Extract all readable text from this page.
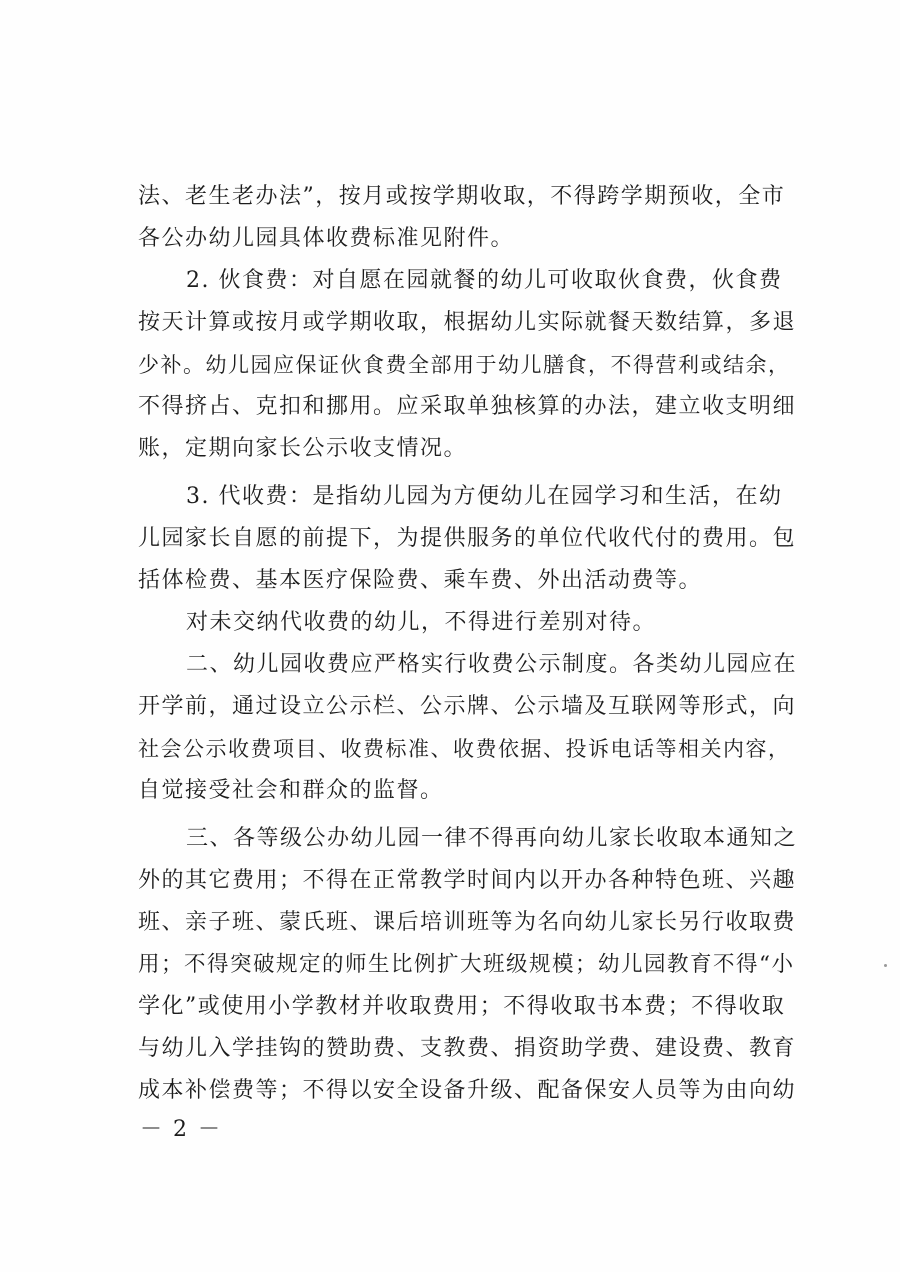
法、老生老办法”，按月或按学期收取，不得跨学期预收，全市
各公办幼儿园具体收费标准见附件。
2. 伙食费：对自愿在园就餐的幼儿可收取伙食费，伙食费
按天计算或按月或学期收取，根据幼儿实际就餐天数结算，多退
少补。幼儿园应保证伙食费全部用于幼儿膳食，不得营利或结余，
不得挤占、克扣和挪用。应采取单独核算的办法，建立收支明细
账，定期向家长公示收支情况。
3. 代收费：是指幼儿园为方便幼儿在园学习和生活，在幼
儿园家长自愿的前提下，为提供服务的单位代收代付的费用。包
括体检费、基本医疗保险费、乘车费、外出活动费等。
对未交纳代收费的幼儿，不得进行差别对待。
二、幼儿园收费应严格实行收费公示制度。各类幼儿园应在
开学前，通过设立公示栏、公示牌、公示墙及互联网等形式，向
社会公示收费项目、收费标准、收费依据、投诉电话等相关内容，
自觉接受社会和群众的监督。
三、各等级公办幼儿园一律不得再向幼儿家长收取本通知之
外的其它费用；不得在正常教学时间内以开办各种特色班、兴趣
班、亲子班、蒙氏班、课后培训班等为名向幼儿家长另行收取费
用；不得突破规定的师生比例扩大班级规模；幼儿园教育不得“小
学化”或使用小学教材并收取费用；不得收取书本费；不得收取
与幼儿入学挂钩的赞助费、支教费、捐资助学费、建设费、教育
成本补偿费等；不得以安全设备升级、配备保安人员等为由向幼
－ 2 －
